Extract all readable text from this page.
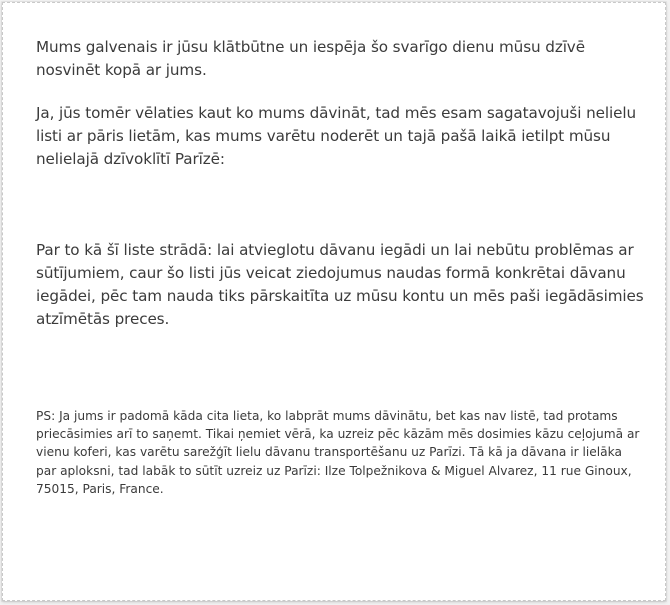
Mums galvenais ir jūsu klātbūtne un iespēja šo svarīgo dienu mūsu dzīvē nosvinēt kopā ar jums.

Ja, jūs tomēr vēlaties kaut ko mums dāvināt, tad mēs esam sagatavojuši nelielu listi ar pāris lietām, kas mums varētu noderēt un tajā pašā laikā ietilpt mūsu nelielajā dzīvoklītī Parīzē:

Par to kā šī liste strādā: lai atvieglotu dāvanu iegādi un lai nebūtu problēmas ar sūtījumiem, caur šo listi jūs veicat ziedojumus naudas formā konkrētai dāvanu iegādei, pēc tam nauda tiks pārskaitīta uz mūsu kontu un mēs paši iegādāsimies atzīmētās preces.

PS: Ja jums ir padomā kāda cita lieta, ko labprāt mums dāvinātu, bet kas nav listē, tad protams priecāsimies arī to saņemt. Tikai ņemiet vērā, ka uzreiz pēc kāzām mēs dosimies kāzu ceļojumā ar vienu koferi, kas varētu sarežģīt lielu dāvanu transportēšanu uz Parīzi. Tā kā ja dāvana ir lielāka par aploksni, tad labāk to sūtīt uzreiz uz Parīzi: Ilze Tolpežnikova & Miguel Alvarez, 11 rue Ginoux, 75015, Paris, France.
